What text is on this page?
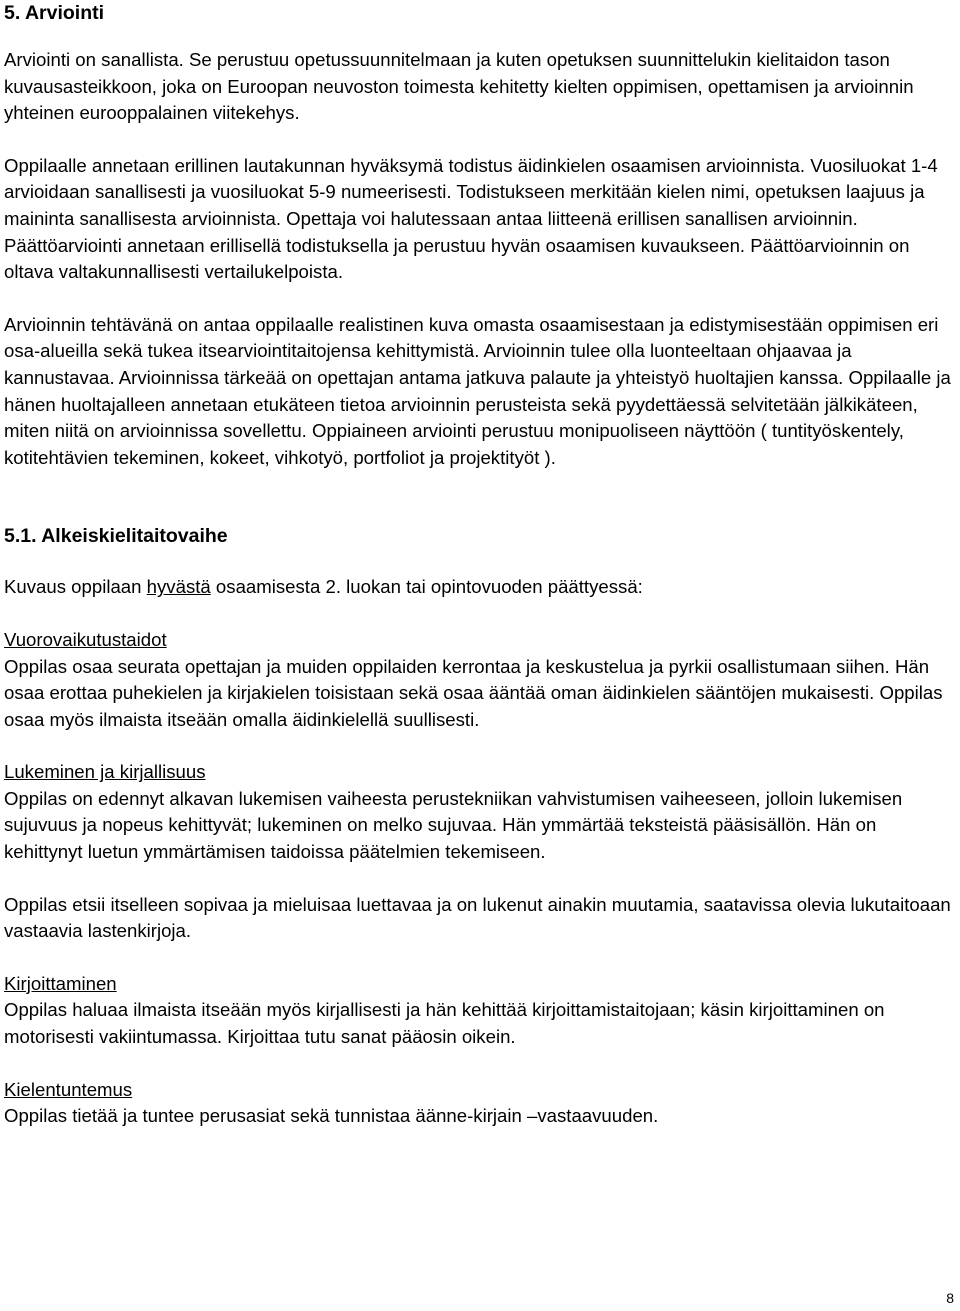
5. Arviointi

Arviointi on sanallista. Se perustuu opetussuunnitelmaan ja kuten opetuksen suunnittelukin kielitaidon tason kuvausasteikkoon, joka on Euroopan neuvoston toimesta kehitetty kielten oppimisen, opettamisen ja arvioinnin yhteinen eurooppalainen viitekehys.

Oppilaalle annetaan erillinen lautakunnan hyväksymä todistus äidinkielen osaamisen arvioinnista. Vuosiluokat 1-4 arvioidaan sanallisesti ja vuosiluokat 5-9 numeerisesti. Todistukseen merkitään kielen nimi, opetuksen laajuus ja maininta sanallisesta arvioinnista. Opettaja voi halutessaan antaa liitteenä erillisen sanallisen arvioinnin. Päättöarviointi annetaan erillisellä todistuksella ja perustuu hyvän osaamisen kuvaukseen. Päättöarvioinnin on oltava valtakunnallisesti vertailukelpoista.

Arvioinnin tehtävänä on antaa oppilaalle realistinen kuva omasta osaamisestaan ja edistymisestään oppimisen eri osa-alueilla sekä tukea itsearviointitaitojensa kehittymistä. Arvioinnin tulee olla luonteeltaan ohjaavaa ja kannustavaa. Arvioinnissa tärkeää on opettajan antama jatkuva palaute ja yhteistyö huoltajien kanssa. Oppilaalle ja hänen huoltajalleen annetaan etukäteen tietoa arvioinnin perusteista sekä pyydettäessä selvitetään jälkikäteen, miten niitä on arvioinnissa sovellettu. Oppiaineen arviointi perustuu monipuoliseen näyttöön ( tuntityöskentely, kotitehtävien tekeminen, kokeet, vihkotyö, portfoliot ja projektityöt ).

5.1. Alkeiskielitaitovaihe

Kuvaus oppilaan hyvästä osaamisesta 2. luokan tai opintovuoden päättyessä:

Vuorovaikutustaidot

Oppilas osaa seurata opettajan ja muiden oppilaiden kerrontaa ja keskustelua ja pyrkii osallistumaan siihen. Hän osaa erottaa puhekielen ja kirjakielen toisistaan sekä osaa ääntää oman äidinkielen sääntöjen mukaisesti. Oppilas osaa myös ilmaista itseään omalla äidinkielellä suullisesti.

Lukeminen ja kirjallisuus

Oppilas on edennyt alkavan lukemisen vaiheesta perustekniikan vahvistumisen vaiheeseen, jolloin lukemisen sujuvuus ja nopeus kehittyvät; lukeminen on melko sujuvaa. Hän ymmärtää teksteistä pääsisällön. Hän on kehittynyt luetun ymmärtämisen taidoissa päätelmien tekemiseen.

Oppilas etsii itselleen sopivaa ja mieluisaa luettavaa ja on lukenut ainakin muutamia, saatavissa olevia lukutaitoaan vastaavia lastenkirjoja.

Kirjoittaminen

Oppilas haluaa ilmaista itseään myös kirjallisesti ja hän kehittää kirjoittamistaitojaan; käsin kirjoittaminen on motorisesti vakiintumassa. Kirjoittaa tutu sanat pääosin oikein.

Kielentuntemus

Oppilas tietää ja tuntee perusasiat sekä tunnistaa äänne-kirjain –vastaavuuden.

8
